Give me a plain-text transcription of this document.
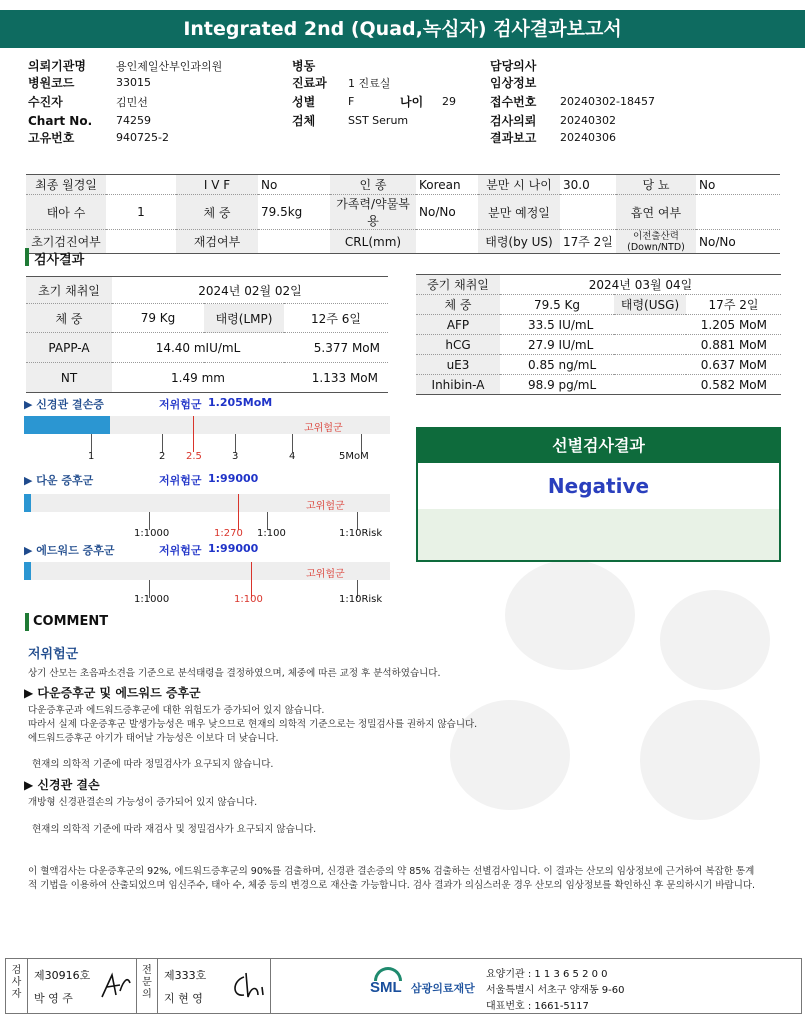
Integrated 2nd (Quad,녹십자) 검사결과보고서
의뢰기관명	용인제일산부인과의원
병원코드	33015
수진자	김민선
Chart No.	74259
고유번호	940725-2
병동
진료과	1 진료실
성별	F	나이	29
검체	SST Serum
담당의사
임상정보
접수번호	20240302-18457
검사의뢰	20240302
결과보고	20240306
최종 월경일		I V F	No	인 종	Korean	분만 시 나이	30.0	당 뇨	No
태아 수	1	체 중	79.5kg	가족력/약물복용	No/No	분만 예정일		흡연 여부	
초기검진여부		재검여부		CRL(mm)		태령(by US)	17주 2일	이전출산력 (Down/NTD)	No/No
검사결과
초기 채취일	2024년 02월 02일		
체 중	79 Kg	태령(LMP)	12주 6일
PAPP-A	14.40 mIU/mL		5.377 MoM
NT	1.49 mm		1.133 MoM
중기 채취일	2024년 03월 04일		
체 중	79.5 Kg	태령(USG)	17주 2일
AFP	33.5 IU/mL		1.205 MoM
hCG	27.9 IU/mL		0.881 MoM
uE3	0.85 ng/mL		0.637 MoM
Inhibin-A	98.9 pg/mL		0.582 MoM
▶ 신경관 결손증	저위험군 1.205MoM
고위험군
1	2 2.5	3	4	5MoM
▶ 다운 증후군	저위험군 1:99000
고위험군
1:1000	1:270 1:100	1:10Risk
▶ 에드워드 증후군	저위험군 1:99000
고위험군
1:1000	1:100	1:10Risk
선별검사결과
Negative
COMMENT
저위험군
상기 산모는 초음파소견을 기준으로 분석태령을 결정하였으며, 체중에 따른 교정 후 분석하였습니다.
▶ 다운증후군 및 에드워드 증후군
다운증후군과 에드워드증후군에 대한 위험도가 증가되어 있지 않습니다.
따라서 실제 다운증후군 발생가능성은 매우 낮으므로 현재의 의학적 기준으로는 정밀검사를 권하지 않습니다.
에드워드증후군 아기가 태어날 가능성은 이보다 더 낮습니다.
현재의 의학적 기준에 따라 정밀검사가 요구되지 않습니다.
▶ 신경관 결손
개방형 신경관결손의 가능성이 증가되어 있지 않습니다.
현재의 의학적 기준에 따라 재검사 및 정밀검사가 요구되지 않습니다.
이 혈액검사는 다운증후군의 92%, 에드워드증후군의 90%를 검출하며, 신경관 결손증의 약 85% 검출하는 선별검사입니다. 이 결과는 산모의 임상정보에 근거하여 복잡한 통계
적 기법을 이용하여 산출되었으며 임신주수, 태아 수, 체중 등의 변경으로 재산출 가능합니다. 검사 결과가 의심스러운 경우 산모의 임상정보를 확인하신 후 문의하시기 바랍니다.
검사자
제30916호
박 영 주
전문의
제333호
지 현 영
SML 삼광의료재단
요양기관 : 1 1 3 6 5 2 0 0
서울특별시 서초구 양재동 9-60
대표번호 : 1661-5117
